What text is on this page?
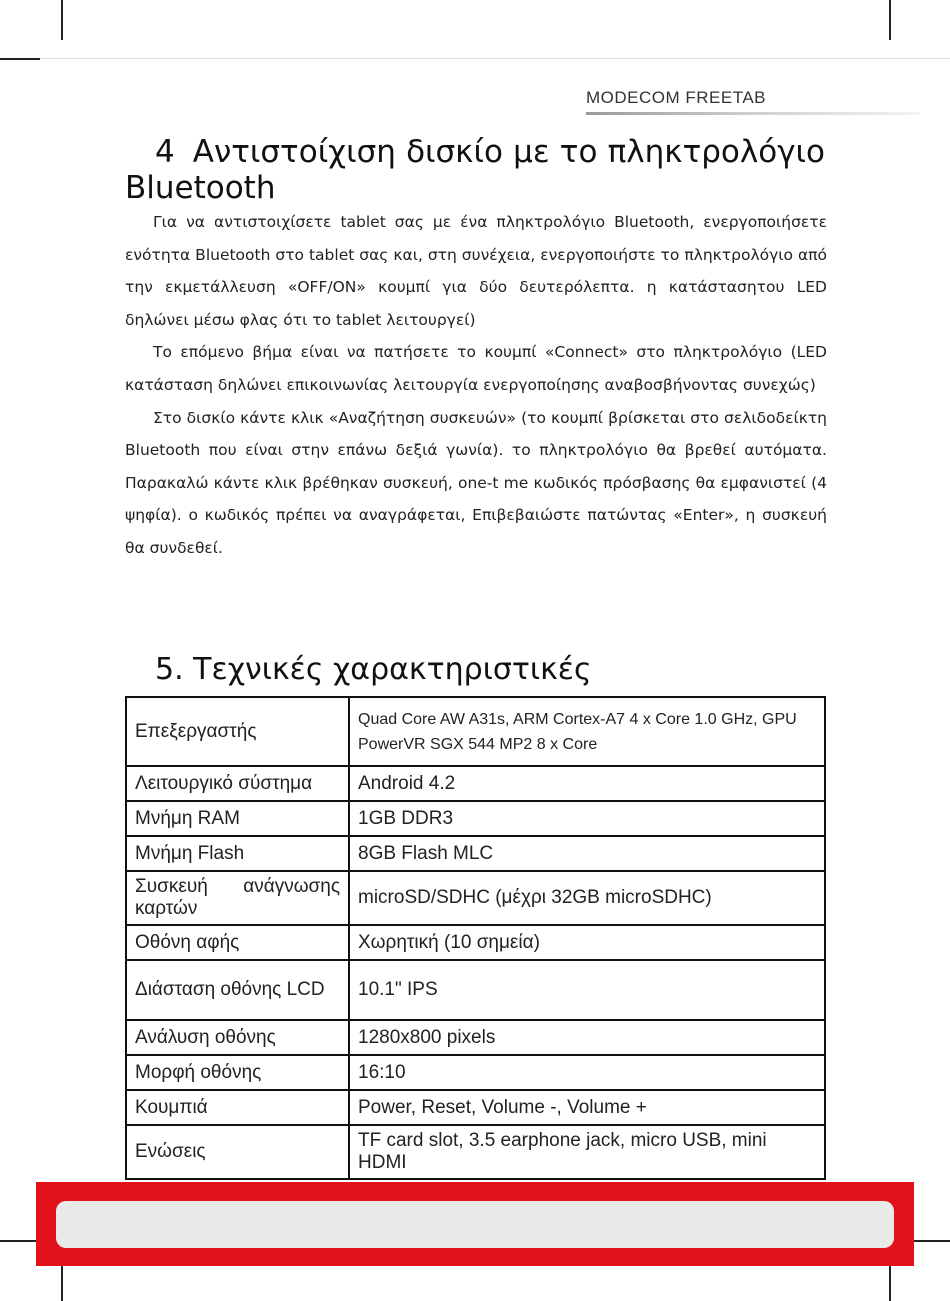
MODECOM FREETAB
4 Αντιστοίχιση δισκίο με το πληκτρολόγιο Bluetooth

Για να αντιστοιχίσετε tablet σας με ένα πληκτρολόγιο Bluetooth, ενεργοποιήσετε ενότητα Bluetooth στο tablet σας και, στη συνέχεια, ενεργοποιήστε το πληκτρολόγιο από την εκμετάλλευση «OFF/ON» κουμπί για δύο δευτερόλεπτα. η κατάστασητου LED δηλώνει μέσω φλας ότι το tablet λειτουργεί)

Το επόμενο βήμα είναι να πατήσετε το κουμπί «Connect» στο πληκτρολόγιο (LED κατάσταση δηλώνει επικοινωνίας λειτουργία ενεργοποίησης αναβοσβήνοντας συνεχώς)

Στο δισκίο κάντε κλικ «Αναζήτηση συσκευών» (το κουμπί βρίσκεται στο σελιδοδείκτη Bluetooth που είναι στην επάνω δεξιά γωνία). το πληκτρολόγιο θα βρεθεί αυτόματα. Παρακαλώ κάντε κλικ βρέθηκαν συσκευή, one-t me κωδικός πρόσβασης θα εμφανιστεί (4 ψηφία). ο κωδικός πρέπει να αναγράφεται, Επιβεβαιώστε πατώντας «Enter», η συσκευή θα συνδεθεί.

5. Τεχνικές χαρακτηριστικές
Επεξεργαστής	Quad Core AW A31s, ARM Cortex-A7 4 x Core 1.0 GHz, GPU PowerVR SGX 544 MP2 8 x Core
Λειτουργικό σύστημα	Android 4.2
Μνήμη RAM	1GB DDR3
Μνήμη Flash	8GB Flash MLC
Συσκευή ανάγνωσης καρτών	microSD/SDHC (μέχρι 32GB microSDHC)
Οθόνη αφής	Χωρητική (10 σημεία)
Διάσταση οθόνης LCD	10.1" IPS
Ανάλυση οθόνης	1280x800 pixels
Μορφή οθόνης	16:10
Κουμπιά	Power, Reset, Volume -, Volume +
Ενώσεις	TF card slot, 3.5 earphone jack, micro USB, mini HDMI
